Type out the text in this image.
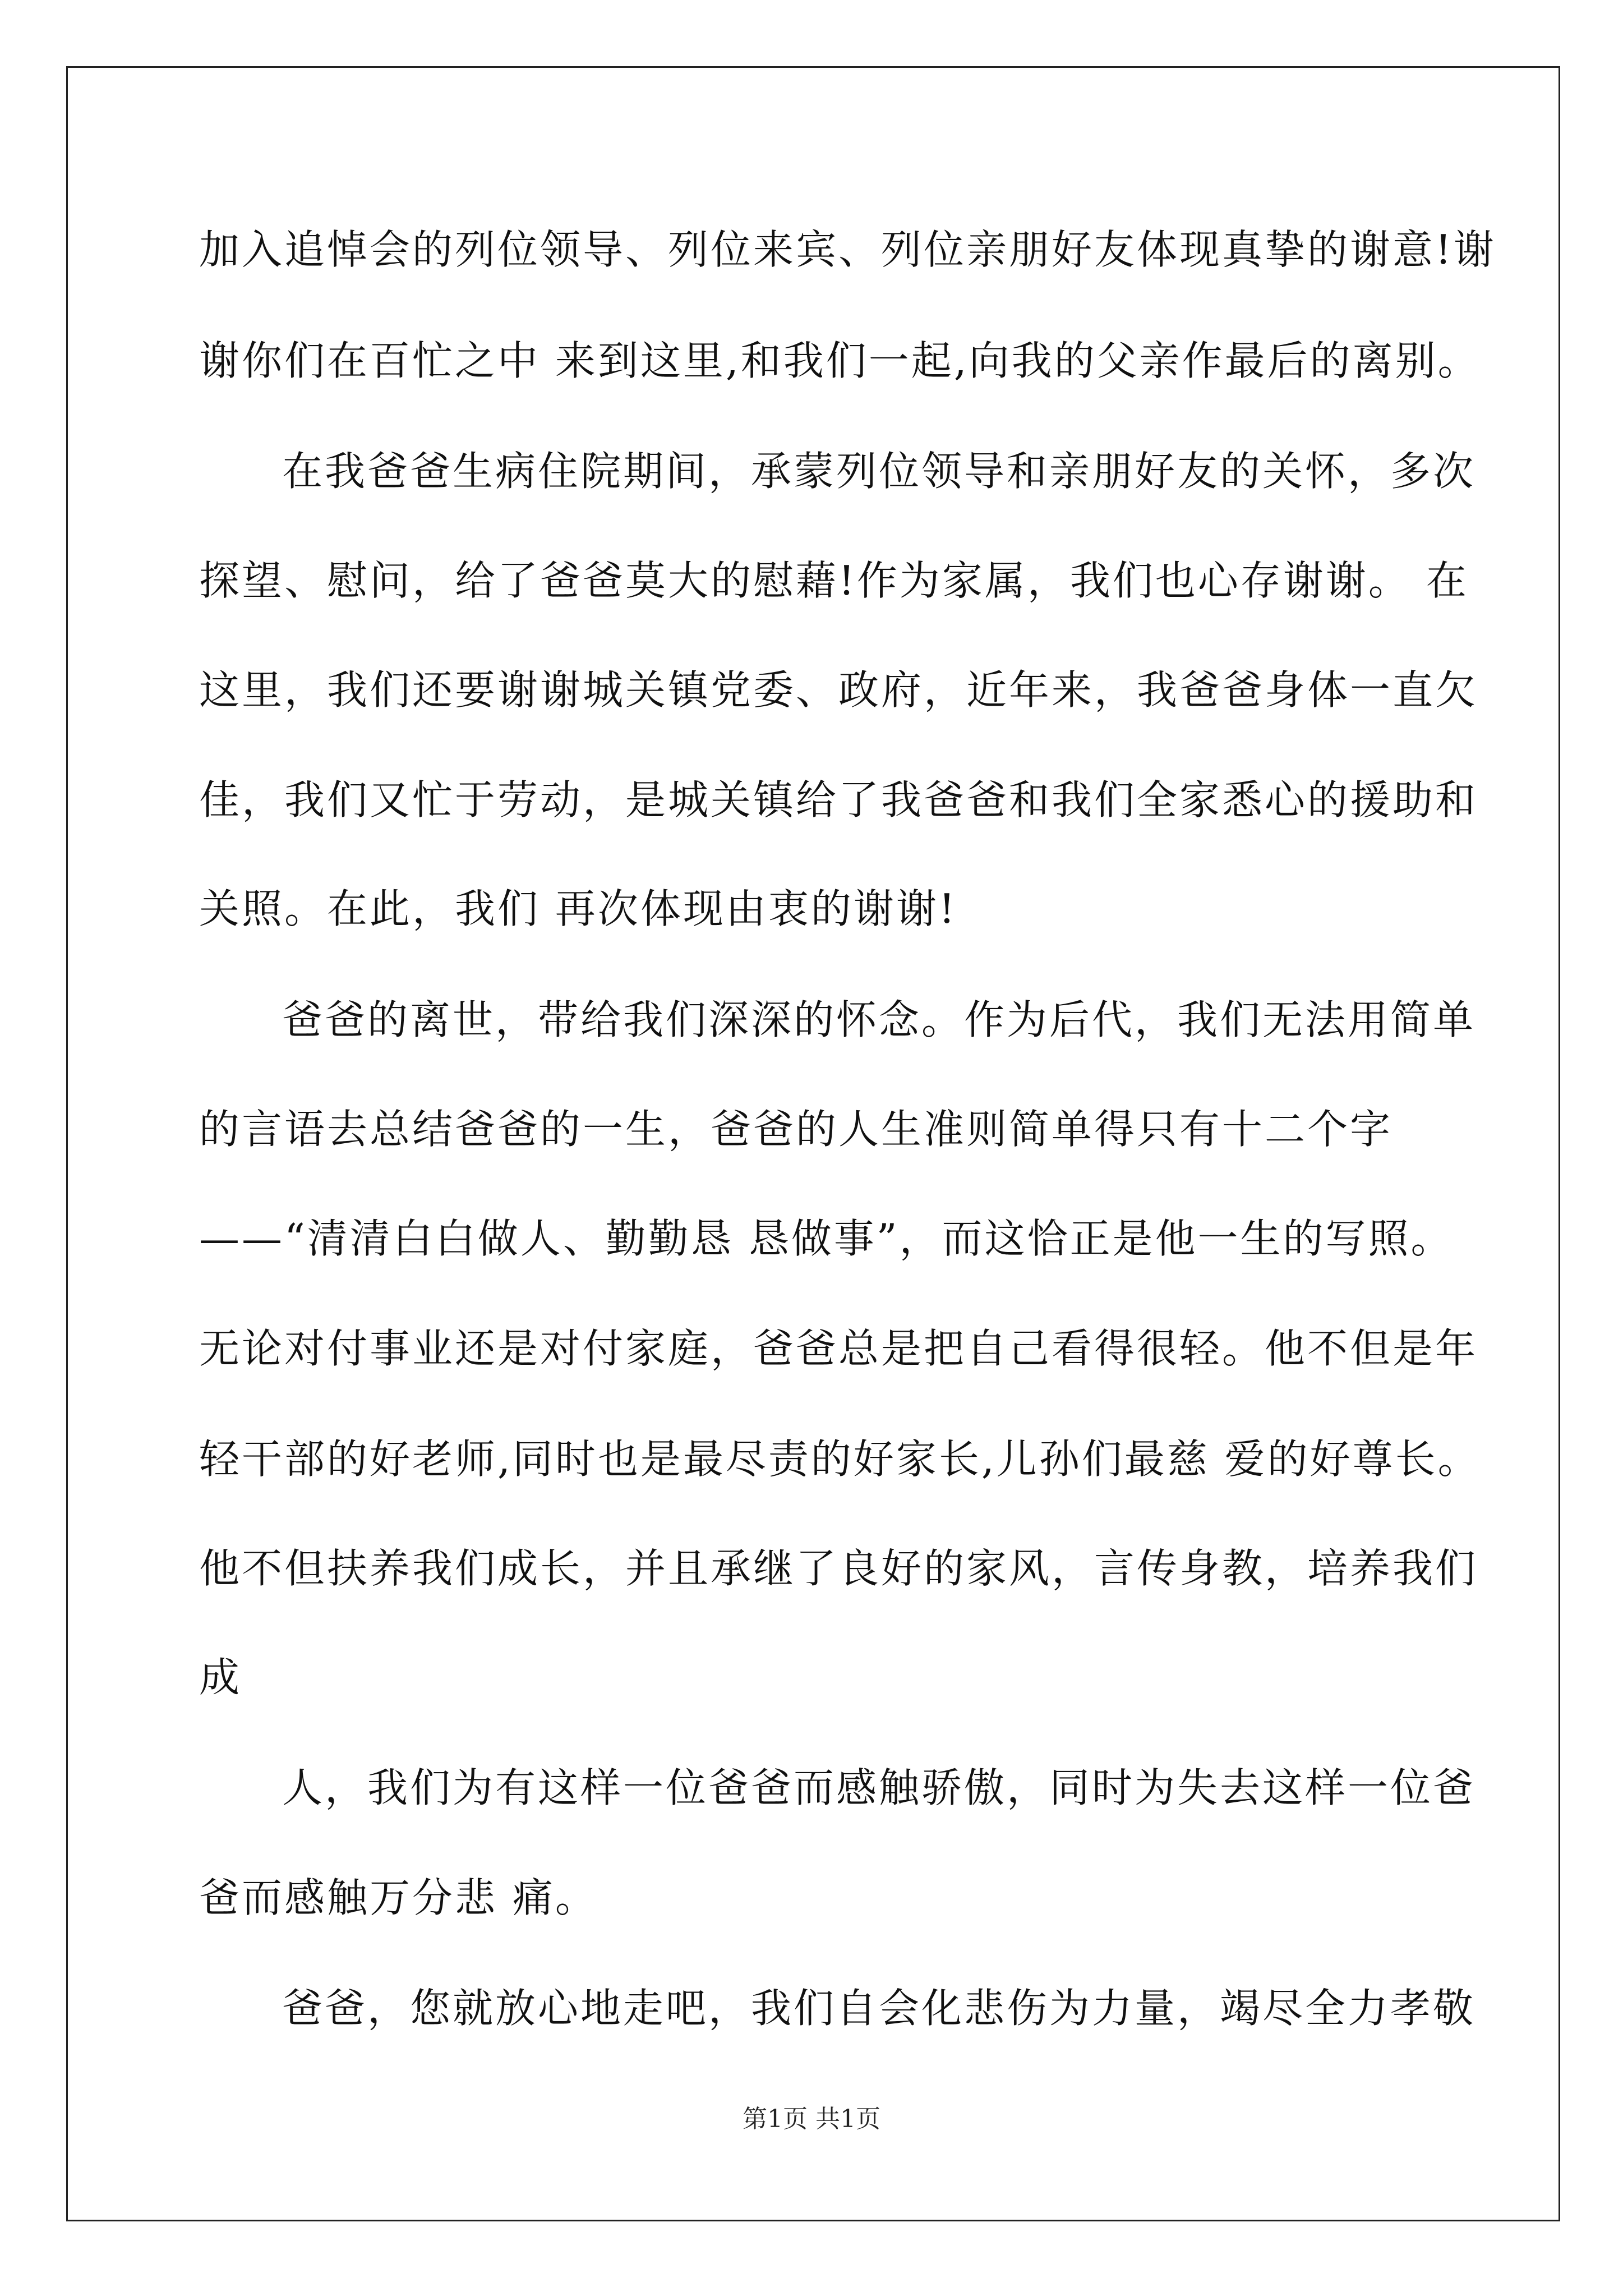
加入追悼会的列位领导、列位来宾、列位亲朋好友体现真挚的谢意!谢
谢你们在百忙之中 来到这里,和我们一起,向我的父亲作最后的离别。
在我爸爸生病住院期间，承蒙列位领导和亲朋好友的关怀，多次
探望、慰问，给了爸爸莫大的慰藉!作为家属，我们也心存谢谢。 在
这里，我们还要谢谢城关镇党委、政府，近年来，我爸爸身体一直欠
佳，我们又忙于劳动，是城关镇给了我爸爸和我们全家悉心的援助和
关照。在此，我们 再次体现由衷的谢谢!
爸爸的离世，带给我们深深的怀念。作为后代，我们无法用简单
的言语去总结爸爸的一生，爸爸的人生准则简单得只有十二个字
——“清清白白做人、勤勤恳 恳做事”，而这恰正是他一生的写照。
无论对付事业还是对付家庭，爸爸总是把自己看得很轻。他不但是年
轻干部的好老师,同时也是最尽责的好家长,儿孙们最慈 爱的好尊长。
他不但扶养我们成长，并且承继了良好的家风，言传身教，培养我们
成
人，我们为有这样一位爸爸而感触骄傲，同时为失去这样一位爸
爸而感触万分悲 痛。
爸爸，您就放心地走吧，我们自会化悲伤为力量，竭尽全力孝敬
第1页 共1页
